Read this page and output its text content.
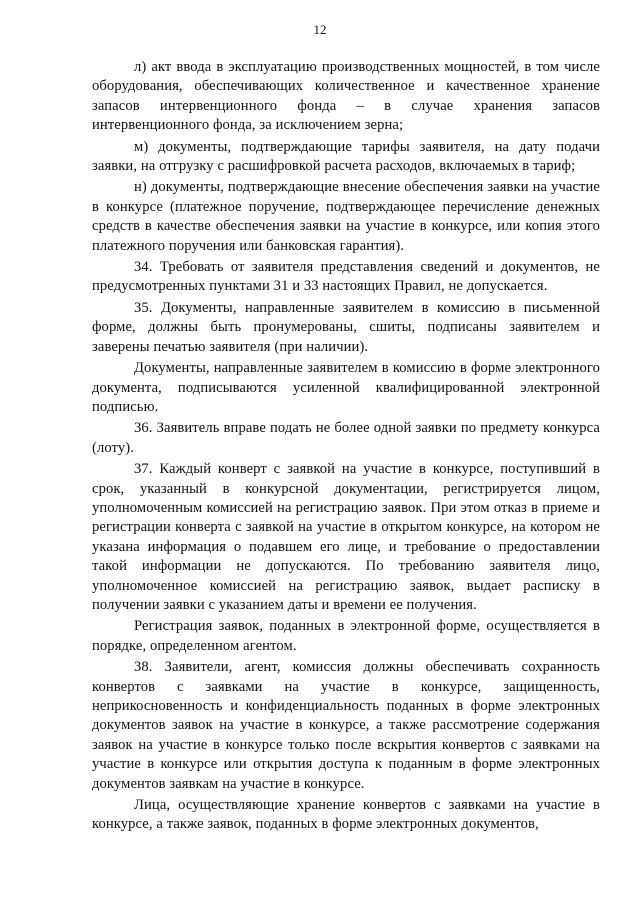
12

л) акт ввода в эксплуатацию производственных мощностей, в том числе оборудования, обеспечивающих количественное и качественное хранение запасов интервенционного фонда – в случае хранения запасов интервенционного фонда, за исключением зерна;

м) документы, подтверждающие тарифы заявителя, на дату подачи заявки, на отгрузку с расшифровкой расчета расходов, включаемых в тариф;

н) документы, подтверждающие внесение обеспечения заявки на участие в конкурсе (платежное поручение, подтверждающее перечисление денежных средств в качестве обеспечения заявки на участие в конкурсе, или копия этого платежного поручения или банковская гарантия).

34. Требовать от заявителя представления сведений и документов, не предусмотренных пунктами 31 и 33 настоящих Правил, не допускается.

35. Документы, направленные заявителем в комиссию в письменной форме, должны быть пронумерованы, сшиты, подписаны заявителем и заверены печатью заявителя (при наличии).

Документы, направленные заявителем в комиссию в форме электронного документа, подписываются усиленной квалифицированной электронной подписью.

36. Заявитель вправе подать не более одной заявки по предмету конкурса (лоту).

37. Каждый конверт с заявкой на участие в конкурсе, поступивший в срок, указанный в конкурсной документации, регистрируется лицом, уполномоченным комиссией на регистрацию заявок. При этом отказ в приеме и регистрации конверта с заявкой на участие в открытом конкурсе, на котором не указана информация о подавшем его лице, и требование о предоставлении такой информации не допускаются. По требованию заявителя лицо, уполномоченное комиссией на регистрацию заявок, выдает расписку в получении заявки с указанием даты и времени ее получения.

Регистрация заявок, поданных в электронной форме, осуществляется в порядке, определенном агентом.

38. Заявители, агент, комиссия должны обеспечивать сохранность конвертов с заявками на участие в конкурсе, защищенность, неприкосновенность и конфиденциальность поданных в форме электронных документов заявок на участие в конкурсе, а также рассмотрение содержания заявок на участие в конкурсе только после вскрытия конвертов с заявками на участие в конкурсе или открытия доступа к поданным в форме электронных документов заявкам на участие в конкурсе.

Лица, осуществляющие хранение конвертов с заявками на участие в конкурсе, а также заявок, поданных в форме электронных документов,
